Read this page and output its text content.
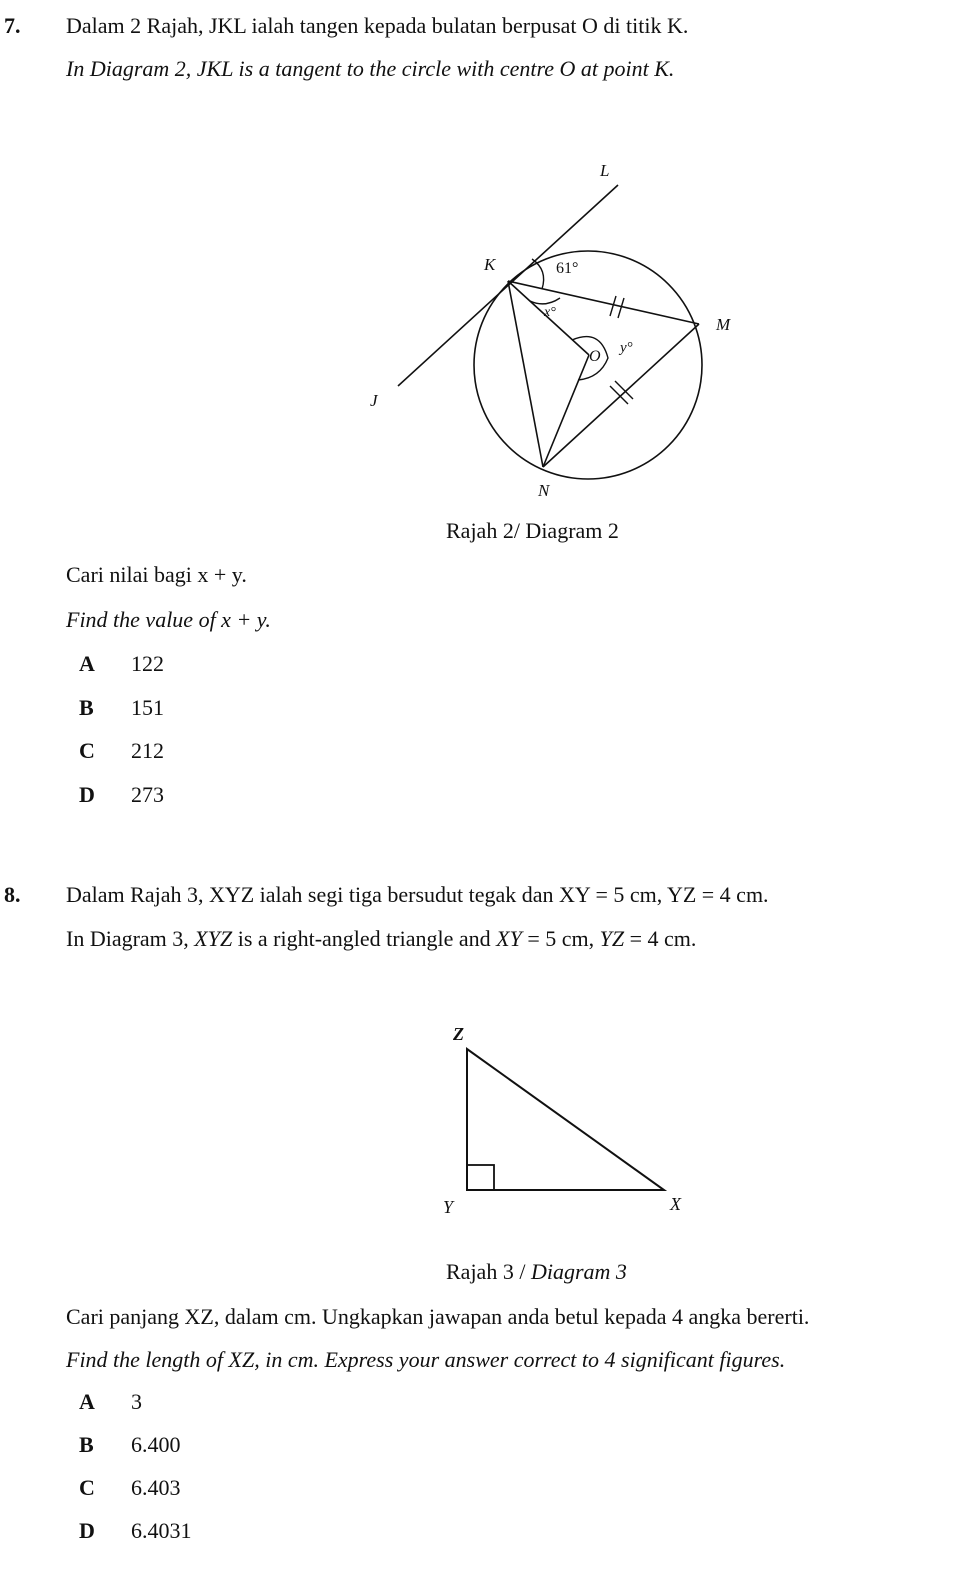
7. Dalam 2 Rajah, JKL ialah tangen kepada bulatan berpusat O di titik K.
In Diagram 2, JKL is a tangent to the circle with centre O at point K.
L
K
M
J
N
O
61°
x°
y°
Rajah 2/ Diagram 2
Cari nilai bagi x + y.
Find the value of x + y.
A 122
B 151
C 212
D 273
8. Dalam Rajah 3, XYZ ialah segi tiga bersudut tegak dan XY = 5 cm, YZ = 4 cm.
In Diagram 3, XYZ is a right-angled triangle and XY = 5 cm, YZ = 4 cm.
Z
Y	X
Rajah 3 / Diagram 3
Cari panjang XZ, dalam cm. Ungkapkan jawapan anda betul kepada 4 angka bererti.
Find the length of XZ, in cm. Express your answer correct to 4 significant figures.
A 3
B 6.400
C 6.403
D 6.4031
